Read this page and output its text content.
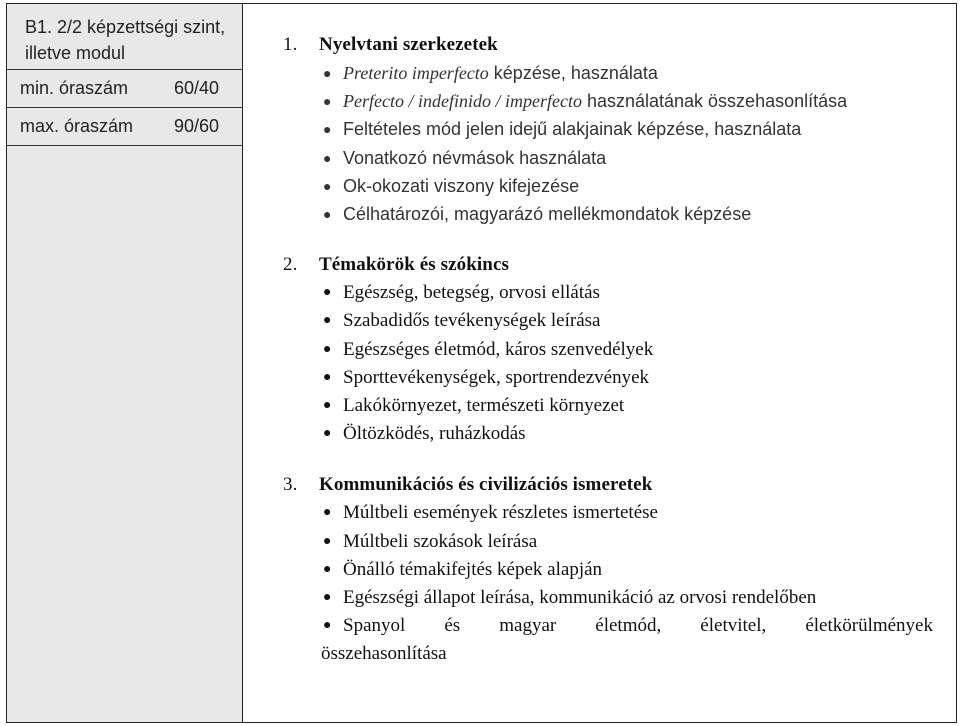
B1. 2/2 képzettségi szint, illetve modul
min. óraszám	60/40
max. óraszám	90/60
1. Nyelvtani szerkezetek
● Preterito imperfecto képzése, használata
● Perfecto / indefinido / imperfecto használatának összehasonlítása
● Feltételes mód jelen idejű alakjainak képzése, használata
● Vonatkozó névmások használata
● Ok-okozati viszony kifejezése
● Célhatározói, magyarázó mellékmondatok képzése
2. Témakörök és szókincs
● Egészség, betegség, orvosi ellátás
● Szabadidős tevékenységek leírása
● Egészséges életmód, káros szenvedélyek
● Sporttevékenységek, sportrendezvények
● Lakókörnyezet, természeti környezet
● Öltözködés, ruházkodás
3. Kommunikációs és civilizációs ismeretek
● Múltbeli események részletes ismertetése
● Múltbeli szokások leírása
● Önálló témakifejtés képek alapján
● Egészségi állapot leírása, kommunikáció az orvosi rendelőben
● Spanyol és magyar életmód, életvitel, életkörülmények összehasonlítása
